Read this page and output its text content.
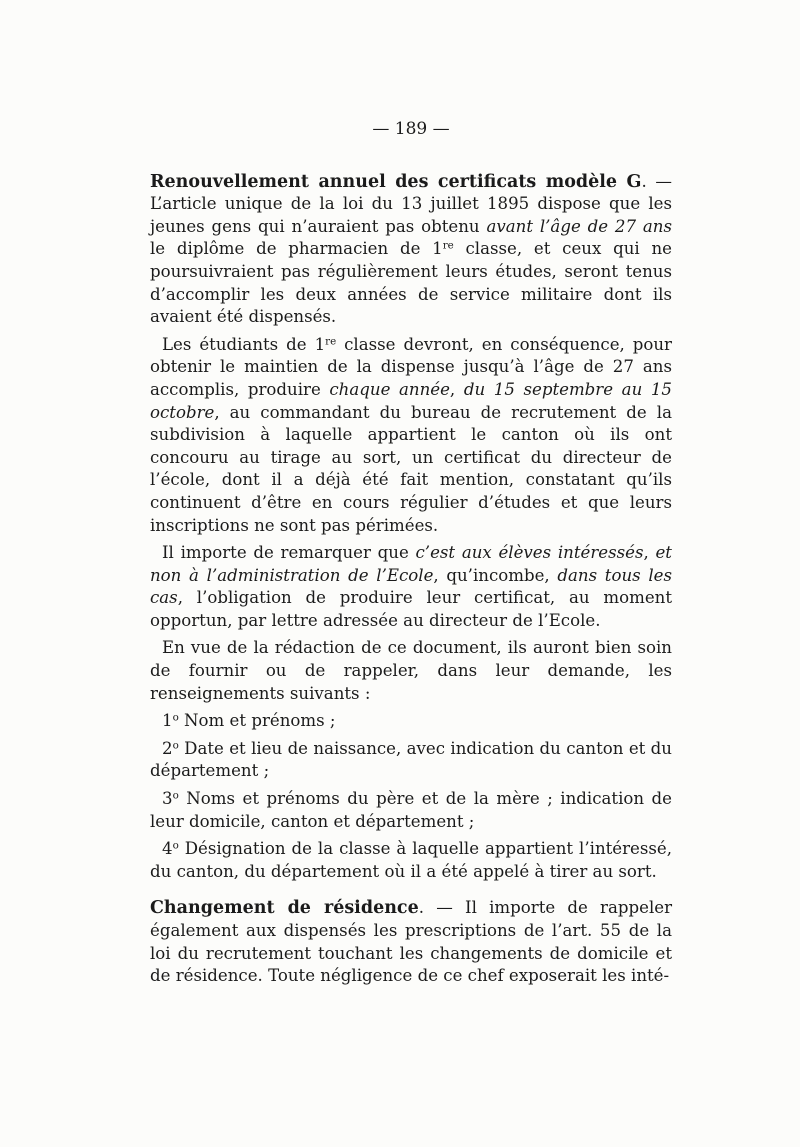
— 189 —

Renouvellement annuel des certificats modèle G. — L’article unique de la loi du 13 juillet 1895 dispose que les jeunes gens qui n’auraient pas obtenu avant l’âge de 27 ans le diplôme de pharmacien de 1re classe, et ceux qui ne poursuivraient pas régulièrement leurs études, seront tenus d’accomplir les deux années de service militaire dont ils avaient été dispensés.

Les étudiants de 1re classe devront, en conséquence, pour obtenir le maintien de la dispense jusqu’à l’âge de 27 ans accomplis, produire chaque année, du 15 septembre au 15 octobre, au commandant du bureau de recrutement de la subdivision à laquelle appartient le canton où ils ont concouru au tirage au sort, un certificat du directeur de l’école, dont il a déjà été fait mention, constatant qu’ils continuent d’être en cours régulier d’études et que leurs inscriptions ne sont pas périmées.

Il importe de remarquer que c’est aux élèves intéressés, et non à l’administration de l’Ecole, qu’incombe, dans tous les cas, l’obligation de produire leur certificat, au moment opportun, par lettre adressée au directeur de l’Ecole.

En vue de la rédaction de ce document, ils auront bien soin de fournir ou de rappeler, dans leur demande, les renseignements suivants :

1$^o$ Nom et prénoms ;

2$^o$ Date et lieu de naissance, avec indication du canton et du département ;

3$^o$ Noms et prénoms du père et de la mère ; indication de leur domicile, canton et département ;

4$^o$ Désignation de la classe à laquelle appartient l’intéressé, du canton, du département où il a été appelé à tirer au sort.

Changement de résidence. — Il importe de rappeler également aux dispensés les prescriptions de l’art. 55 de la loi du recrutement touchant les changements de domicile et de résidence. Toute négligence de ce chef exposerait les inté-
